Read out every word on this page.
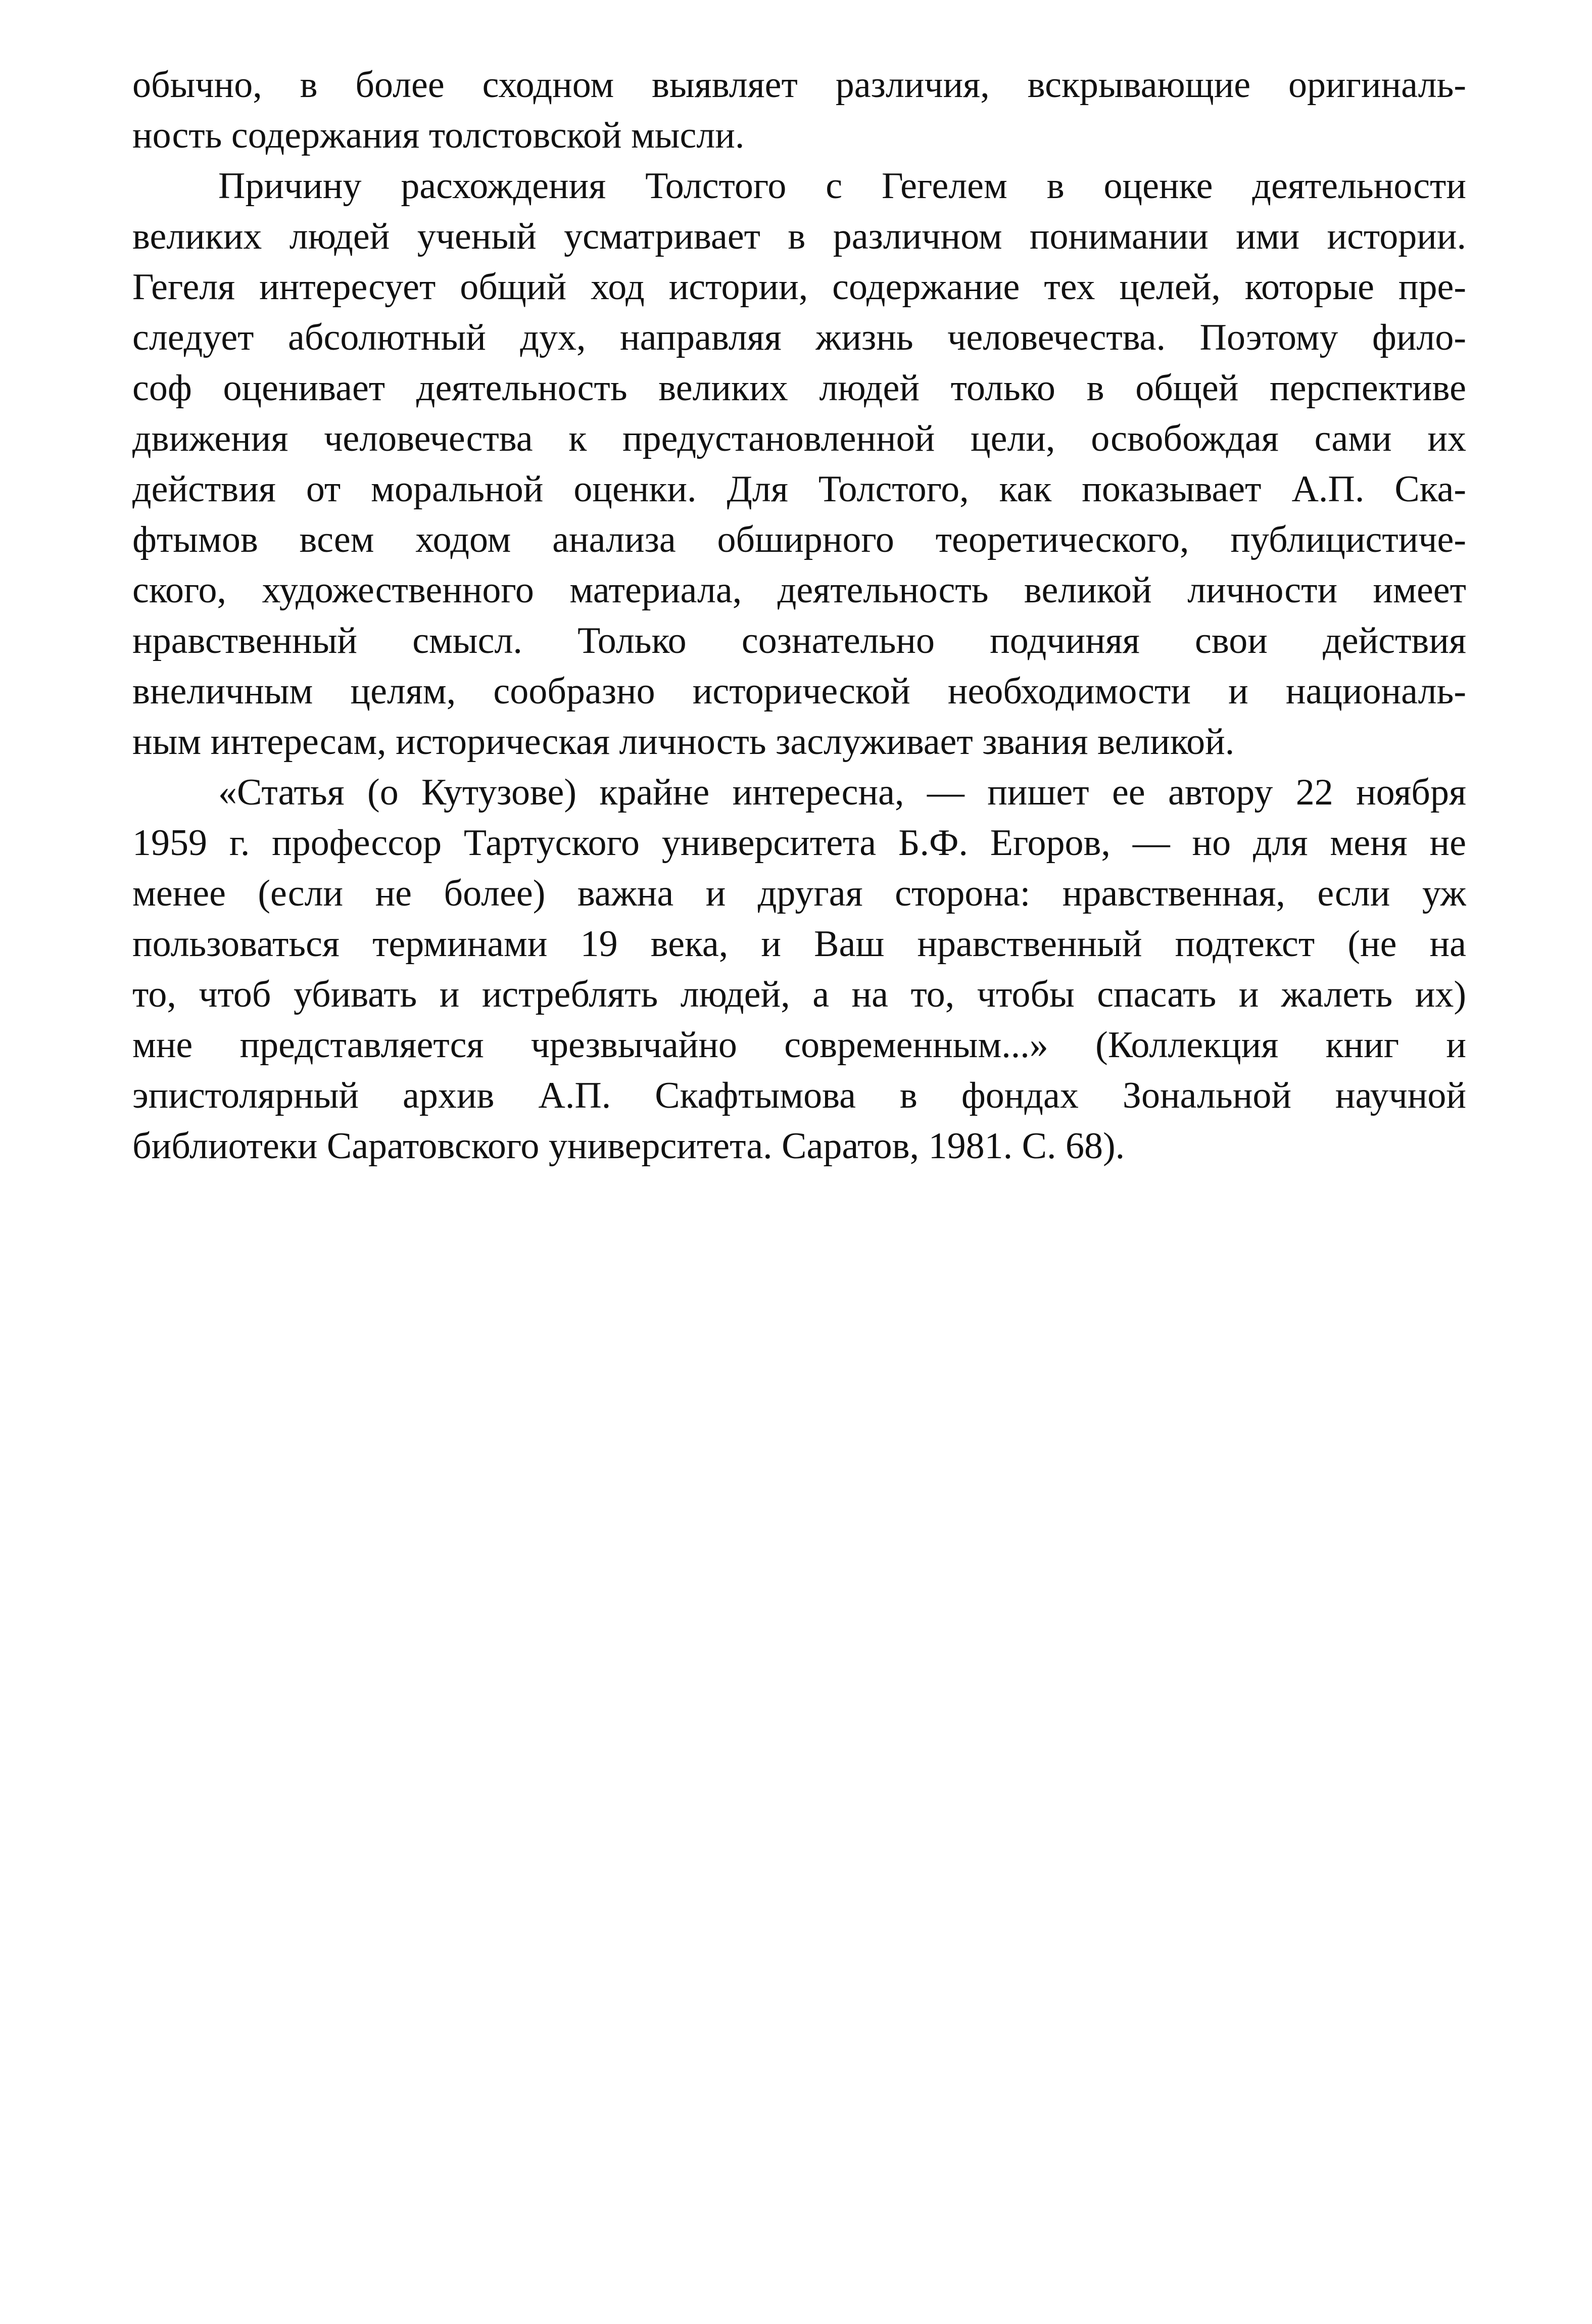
обычно, в более сходном выявляет различия, вскрывающие оригиналь-
ность содержания толстовской мысли.
Причину расхождения Толстого с Гегелем в оценке деятельности
великих людей ученый усматривает в различном понимании ими истории.
Гегеля интересует общий ход истории, содержание тех целей, которые пре-
следует абсолютный дух, направляя жизнь человечества. Поэтому фило-
соф оценивает деятельность великих людей только в общей перспективе
движения человечества к предустановленной цели, освобождая сами их
действия от моральной оценки. Для Толстого, как показывает А.П. Ска-
фтымов всем ходом анализа обширного теоретического, публицистиче-
ского, художественного материала, деятельность великой личности имеет
нравственный смысл. Только сознательно подчиняя свои действия
внеличным целям, сообразно исторической необходимости и националь-
ным интересам, историческая личность заслуживает звания великой.
«Статья (о Кутузове) крайне интересна, — пишет ее автору 22 ноября
1959 г. профессор Тартуского университета Б.Ф. Егоров, — но для меня не
менее (если не более) важна и другая сторона: нравственная, если уж
пользоваться терминами 19 века, и Ваш нравственный подтекст (не на
то, чтоб убивать и истреблять людей, а на то, чтобы спасать и жалеть их)
мне представляется чрезвычайно современным...» (Коллекция книг и
эпистолярный архив А.П. Скафтымова в фондах Зональной научной
библиотеки Саратовского университета. Саратов, 1981. С. 68).
